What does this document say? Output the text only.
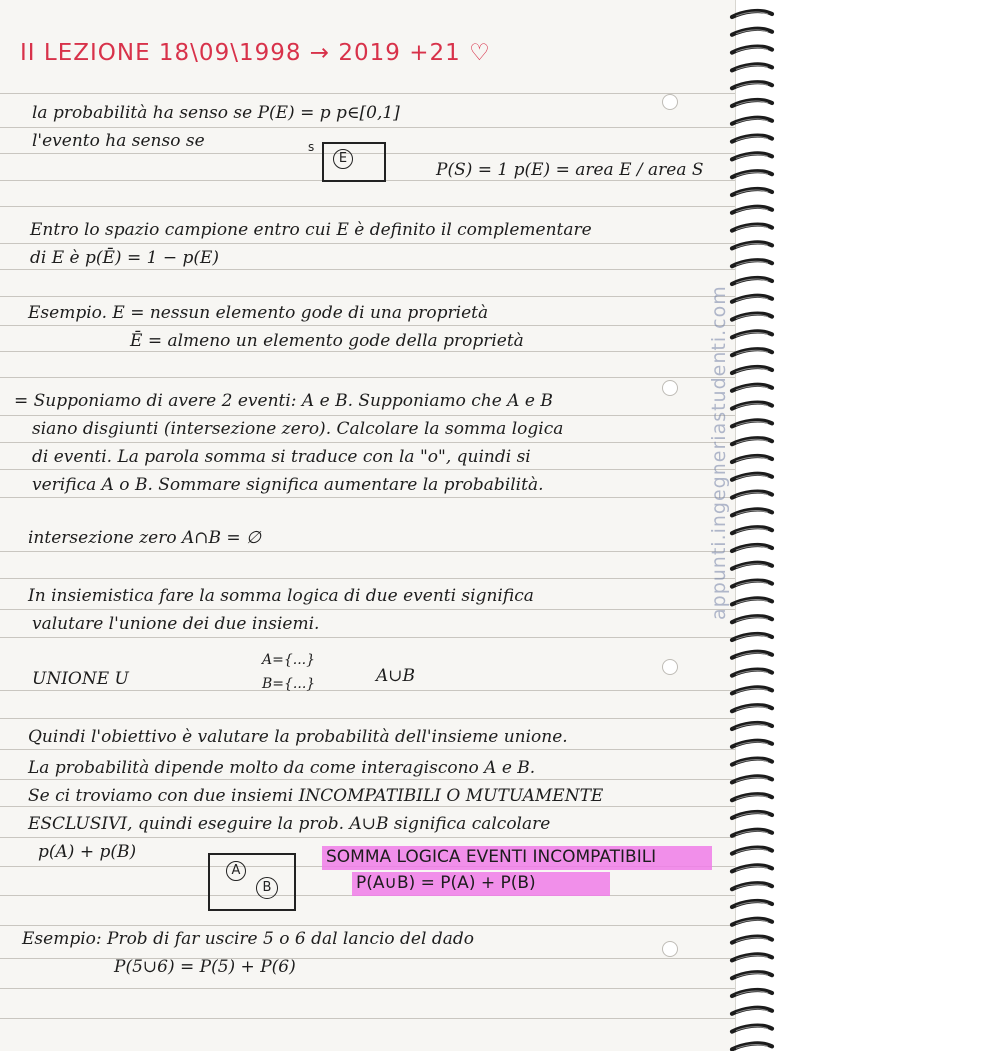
II LEZIONE 18\09\1998 → 2019 +21 ♡
la probabilità ha senso se P(E) = p p∈[0,1]
l'evento ha senso se	s
E
P(S) = 1 p(E) = area E / area S
Entro lo spazio campione entro cui E è definito il complementare
di E è p(Ē) = 1 − p(E)
Esempio. E = nessun elemento gode di una proprietà
Ē = almeno un elemento gode della proprietà
= Supponiamo di avere 2 eventi: A e B. Supponiamo che A e B
siano disgiunti (intersezione zero). Calcolare la somma logica
di eventi. La parola somma si traduce con la "o", quindi si
verifica A o B. Sommare significa aumentare la probabilità.
intersezione zero A∩B = ∅
In insiemistica fare la somma logica di due eventi significa
valutare l'unione dei due insiemi.
UNIONE U
A={...}
B={...}	A∪B
Quindi l'obiettivo è valutare la probabilità dell'insieme unione.
La probabilità dipende molto da come interagiscono A e B.
Se ci troviamo con due insiemi INCOMPATIBILI O MUTUAMENTE
ESCLUSIVI, quindi eseguire la prob. A∪B significa calcolare
p(A) + p(B)
A
B
SOMMA LOGICA EVENTI INCOMPATIBILI
P(A∪B) = P(A) + P(B)
Esempio: Prob di far uscire 5 o 6 dal lancio del dado
P(5∪6) = P(5) + P(6)
appunti.ingegneriastudenti.com
